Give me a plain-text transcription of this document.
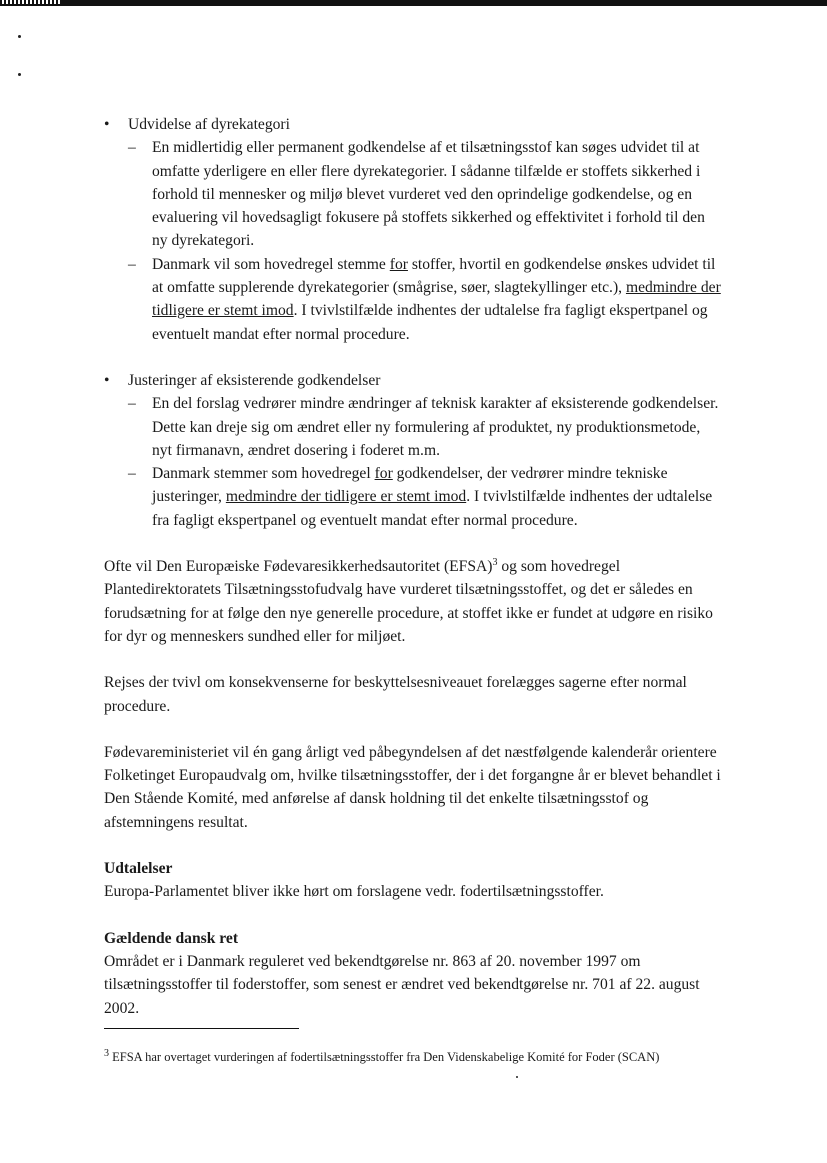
• Udvidelse af dyrekategori
– En midlertidig eller permanent godkendelse af et tilsætningsstof kan søges udvidet til at omfatte yderligere en eller flere dyrekategorier. I sådanne tilfælde er stoffets sikkerhed i forhold til mennesker og miljø blevet vurderet ved den oprindelige godkendelse, og en evaluering vil hovedsagligt fokusere på stoffets sikkerhed og effektivitet i forhold til den ny dyrekategori.
– Danmark vil som hovedregel stemme for stoffer, hvortil en godkendelse ønskes udvidet til at omfatte supplerende dyrekategorier (smågrise, søer, slagtekyllinger etc.), medmindre der tidligere er stemt imod. I tvivlstilfælde indhentes der udtalelse fra fagligt ekspertpanel og eventuelt mandat efter normal procedure.
• Justeringer af eksisterende godkendelser
– En del forslag vedrører mindre ændringer af teknisk karakter af eksisterende godkendelser. Dette kan dreje sig om ændret eller ny formulering af produktet, ny produktionsmetode, nyt firmanavn, ændret dosering i foderet m.m.
– Danmark stemmer som hovedregel for godkendelser, der vedrører mindre tekniske justeringer, medmindre der tidligere er stemt imod. I tvivlstilfælde indhentes der udtalelse fra fagligt ekspertpanel og eventuelt mandat efter normal procedure.

Ofte vil Den Europæiske Fødevaresikkerhedsautoritet (EFSA)$^3$ og som hovedregel Plantedirektoratets Tilsætningsstofudvalg have vurderet tilsætningsstoffet, og det er således en forudsætning for at følge den nye generelle procedure, at stoffet ikke er fundet at udgøre en risiko for dyr og menneskers sundhed eller for miljøet.

Rejses der tvivl om konsekvenserne for beskyttelsesniveauet forelægges sagerne efter normal procedure.

Fødevareministeriet vil én gang årligt ved påbegyndelsen af det næstfølgende kalenderår orientere Folketinget Europaudvalg om, hvilke tilsætningsstoffer, der i det forgangne år er blevet behandlet i Den Stående Komité, med anførelse af dansk holdning til det enkelte tilsætningsstof og afstemningens resultat.

Udtalelser

Europa-Parlamentet bliver ikke hørt om forslagene vedr. fodertilsætningsstoffer.

Gældende dansk ret

Området er i Danmark reguleret ved bekendtgørelse nr. 863 af 20. november 1997 om tilsætningsstoffer til foderstoffer, som senest er ændret ved bekendtgørelse nr. 701 af 22. august 2002.

$^3$ EFSA har overtaget vurderingen af fodertilsætningsstoffer fra Den Videnskabelige Komité for Foder (SCAN)
